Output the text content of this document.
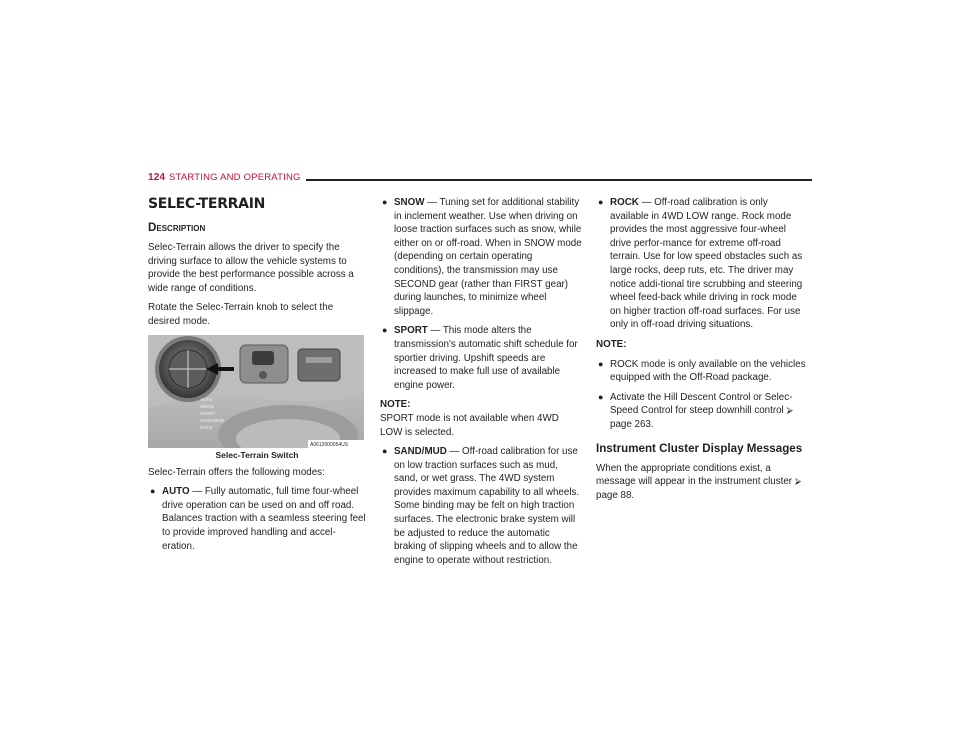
124 STARTING AND OPERATING
SELEC-TERRAIN
Description

Selec-Terrain allows the driver to specify the driving surface to allow the vehicle systems to provide the best performance possible across a wide range of conditions.

Rotate the Selec-Terrain knob to select the desired mode.

AUTO
SNOW
SPORT
SAND/MUD
ROCK
A0612000054US
Selec-Terrain Switch

Selec-Terrain offers the following modes:

● AUTO — Fully automatic, full time four-wheel drive operation can be used on and off road. Balances traction with a seamless steering feel to provide improved handling and accel-eration.
● SNOW — Tuning set for additional stability in inclement weather. Use when driving on loose traction surfaces such as snow, while either on or off-road. When in SNOW mode (depending on certain operating conditions), the transmission may use SECOND gear (rather than FIRST gear) during launches, to minimize wheel slippage.
● SPORT — This mode alters the transmission's automatic shift schedule for sportier driving. Upshift speeds are increased to make full use of available engine power.

NOTE:

SPORT mode is not available when 4WD LOW is selected.

● SAND/MUD — Off-road calibration for use on low traction surfaces such as mud, sand, or wet grass. The 4WD system provides maximum capability to all wheels. Some binding may be felt on high traction surfaces. The electronic brake system will be adjusted to reduce the automatic braking of slipping wheels and to allow the engine to operate without restriction.
● ROCK — Off-road calibration is only available in 4WD LOW range. Rock mode provides the most aggressive four-wheel drive perfor-mance for extreme off-road terrain. Use for low speed obstacles such as large rocks, deep ruts, etc. The driver may notice addi-tional tire scrubbing and steering wheel feed-back while driving in rock mode on higher traction off-road surfaces. For use only in off-road driving situations.

NOTE:

● ROCK mode is only available on the vehicles equipped with the Off-Road package.
● Activate the Hill Descent Control or Selec-Speed Control for steep downhill control ⮚ page 263.
Instrument Cluster Display Messages

When the appropriate conditions exist, a message will appear in the instrument cluster ⮚ page 88.
